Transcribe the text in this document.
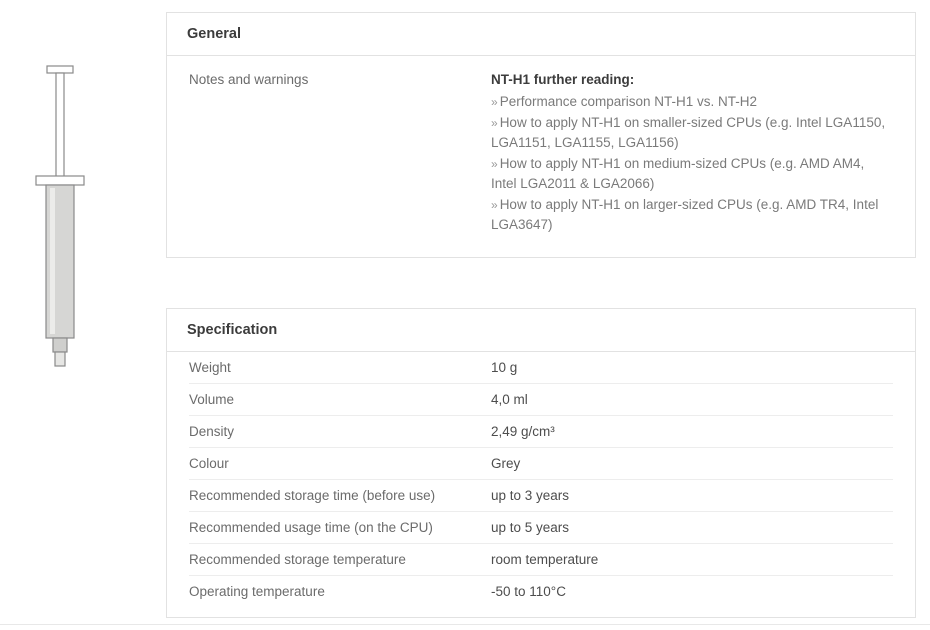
General
Notes and warnings	NT-H1 further reading:
» Performance comparison NT-H1 vs. NT-H2
» How to apply NT-H1 on smaller-sized CPUs (e.g. Intel LGA1150, LGA1151, LGA1155, LGA1156)
» How to apply NT-H1 on medium-sized CPUs (e.g. AMD AM4, Intel LGA2011 & LGA2066)
» How to apply NT-H1 on larger-sized CPUs (e.g. AMD TR4, Intel LGA3647)
Specification
Weight	10 g
Volume	4,0 ml
Density	2,49 g/cm³
Colour	Grey
Recommended storage time (before use)	up to 3 years
Recommended usage time (on the CPU)	up to 5 years
Recommended storage temperature	room temperature
Operating temperature	-50 to 110°C
